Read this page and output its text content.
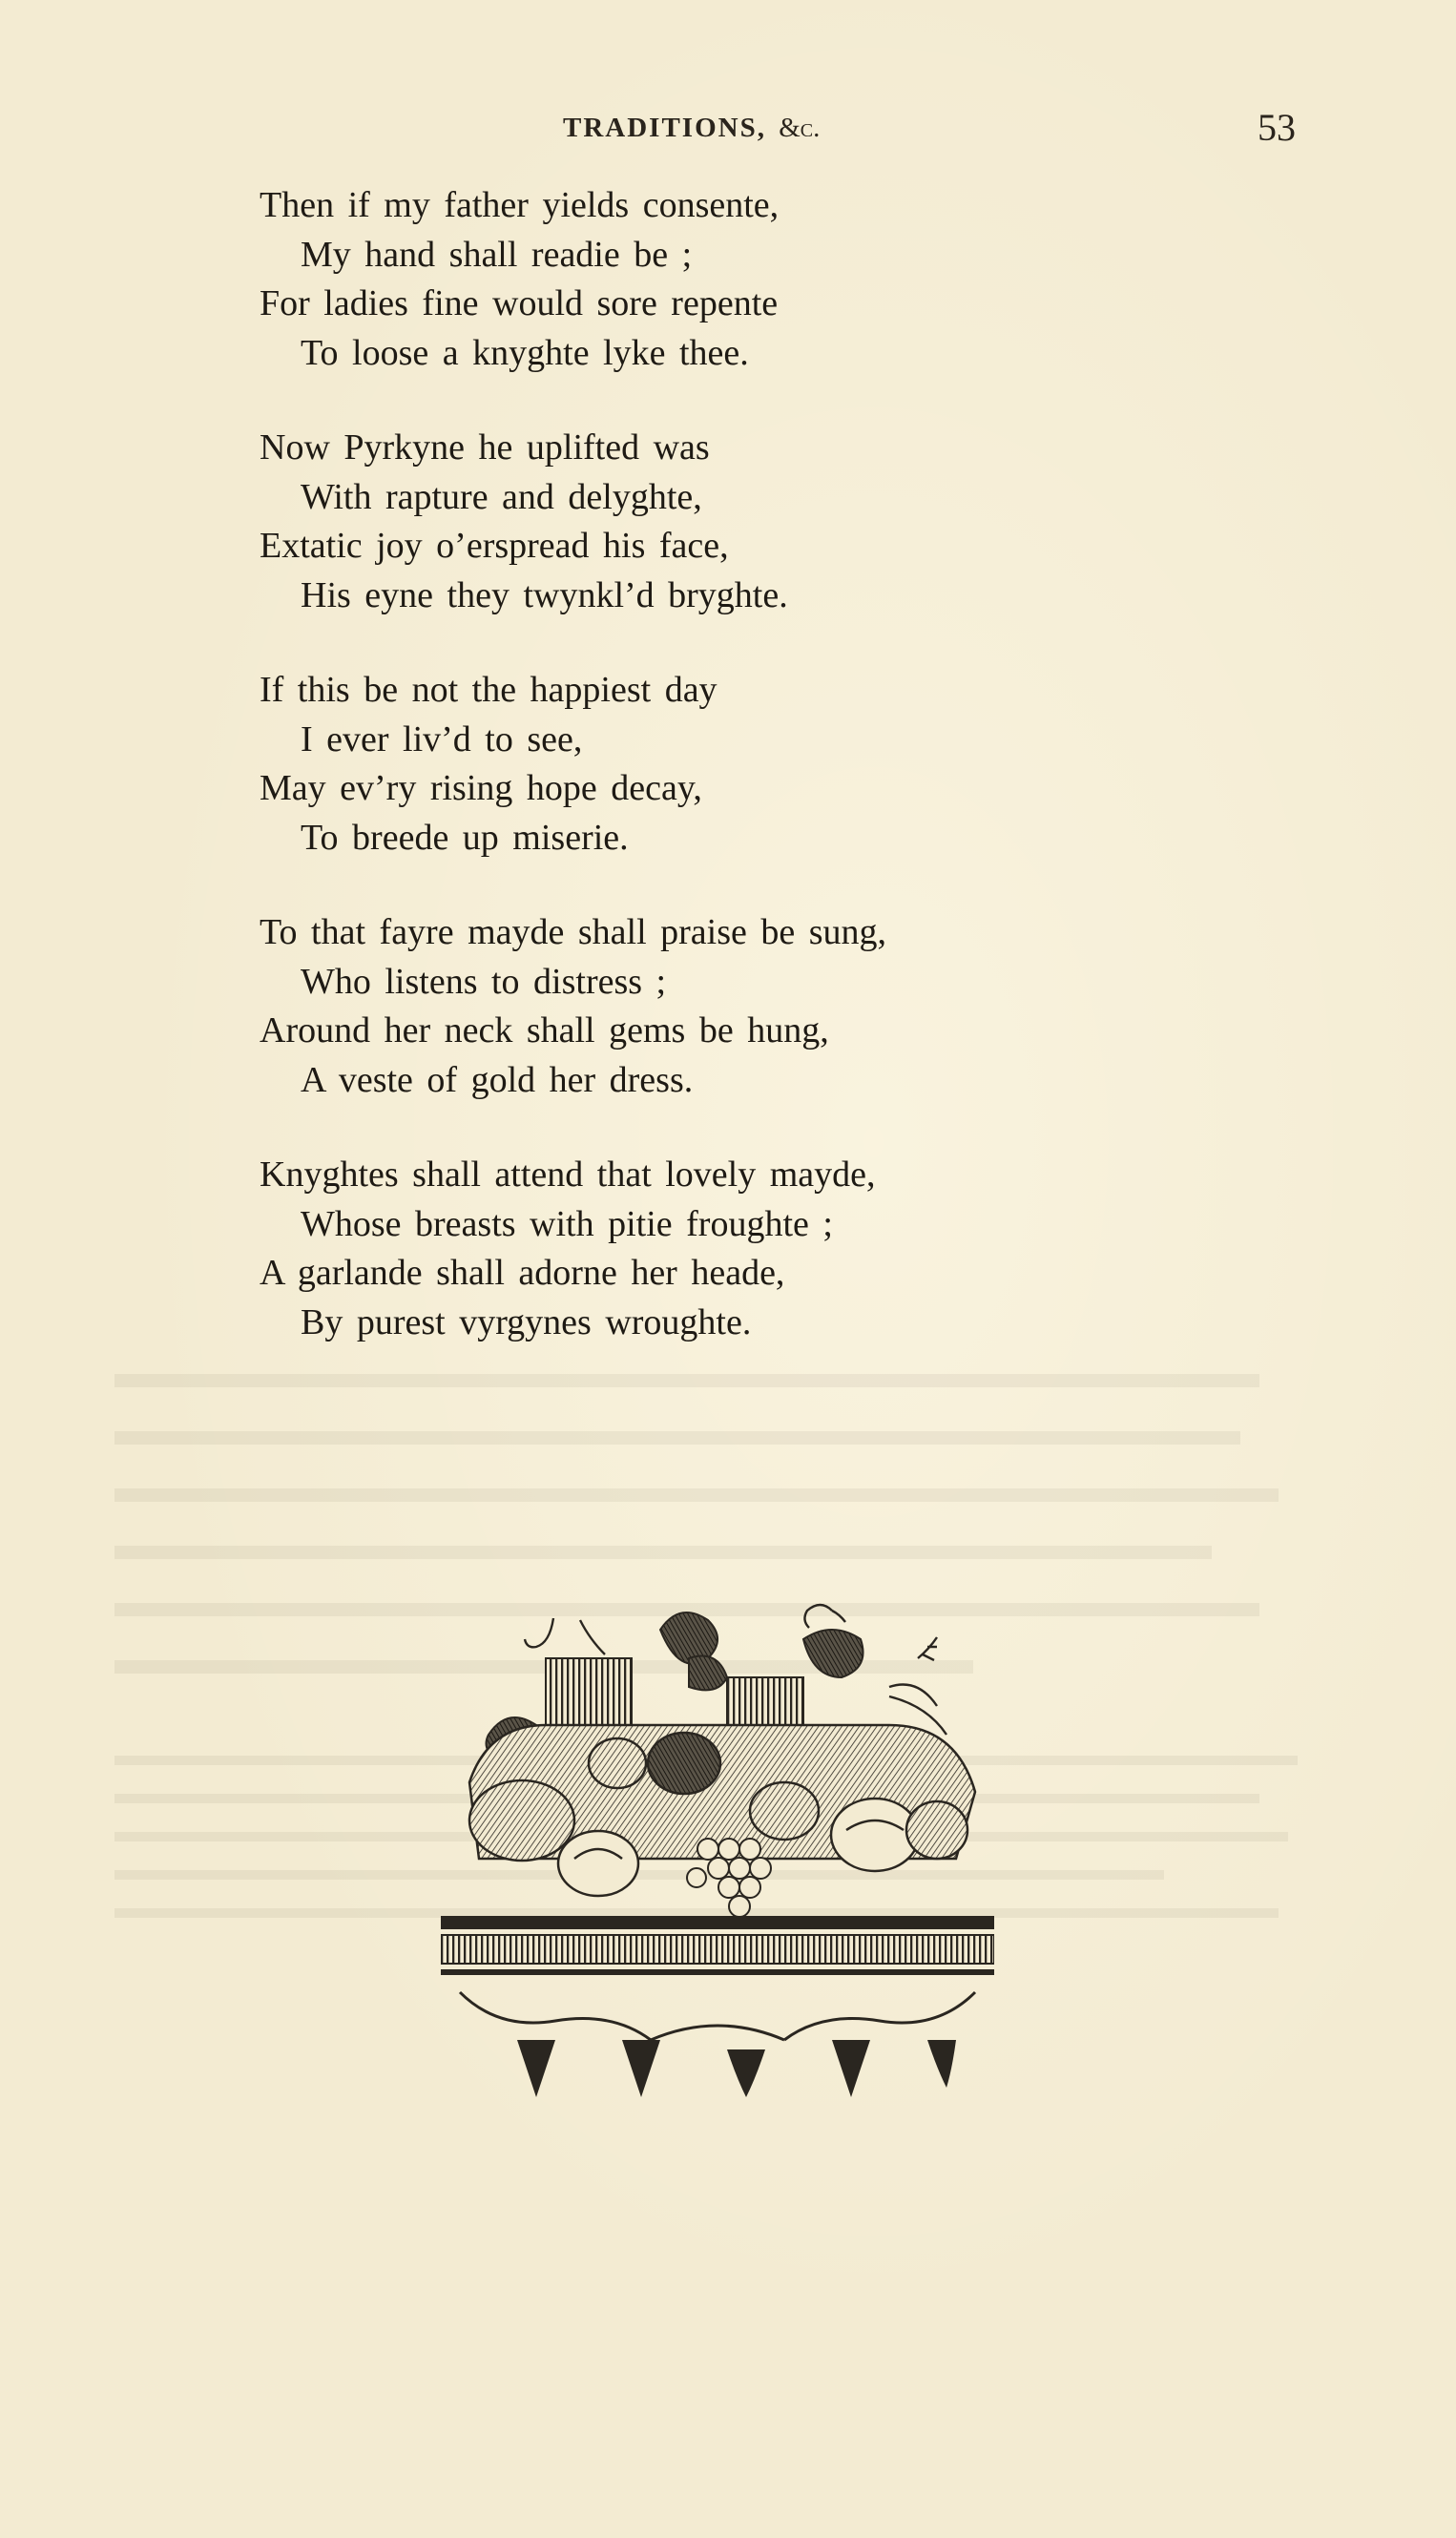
TRADITIONS, &c.	53
Then if my father yields consente,
My hand shall readie be ;
For ladies fine would sore repente
To loose a knyghte lyke thee.
Now Pyrkyne he uplifted was
With rapture and delyghte,
Extatic joy o’erspread his face,
His eyne they twynkl’d bryghte.
If this be not the happiest day
I ever liv’d to see,
May ev’ry rising hope decay,
To breede up miserie.
To that fayre mayde shall praise be sung,
Who listens to distress ;
Around her neck shall gems be hung,
A veste of gold her dress.
Knyghtes shall attend that lovely mayde,
Whose breasts with pitie froughte ;
A garlande shall adorne her heade,
By purest vyrgynes wroughte.
